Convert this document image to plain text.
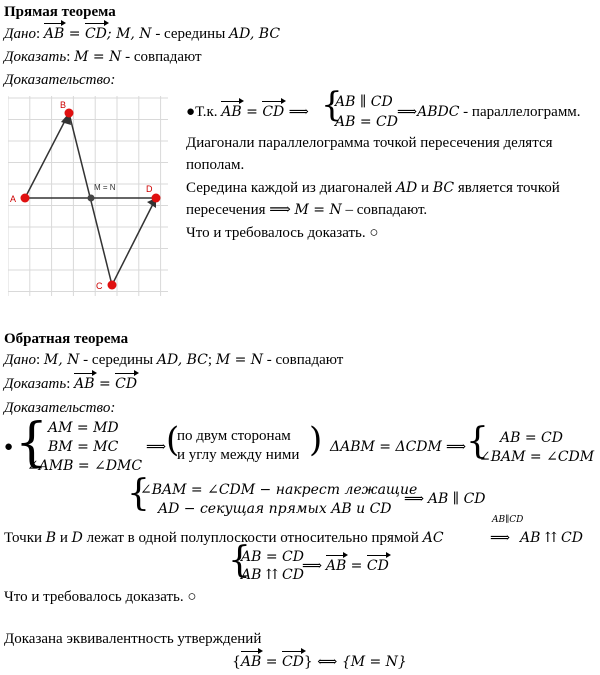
Прямая теорема
Дано: AB = CD; M, N - середины AD, BC
Доказать: M = N - совпадают
Доказательство:
A
B
C
D
M = N
●Т.к. AB = CD ⟹ {
AB ∥ CD
AB = CD
⟹ABDC - параллелограмм.
Диагонали параллелограмма точкой пересечения делятся
пополам.
Середина каждой из диагоналей AD и BC является точкой
пересечения ⟹ M = N – совпадают.
Что и требовалось доказать. ○
Обратная теорема
Дано: M, N - середины AD, BC; M = N - совпадают
Доказать: AB = CD
Доказательство:
● { AM = MD
BM = MC
∠AMB = ∠DMC
⟹ (
по двум сторонам
и углу между ними ) ΔABM = ΔCDM ⟹ { AB = CD
∠BAM = ∠CDM
{
∠BAM = ∠CDM − накрест лежащие
AD − секущая прямых AB и CD
⟹ AB ∥ CD
Точки B и D лежат в одной полуплоскости относительно прямой AC
AB∥CD
⟹ AB ⇈ CD
{
AB = CD
AB ⇈ CD
⟹ AB = CD
Что и требовалось доказать. ○
Доказана эквивалентность утверждений
{AB = CD} ⟺ {M = N}
